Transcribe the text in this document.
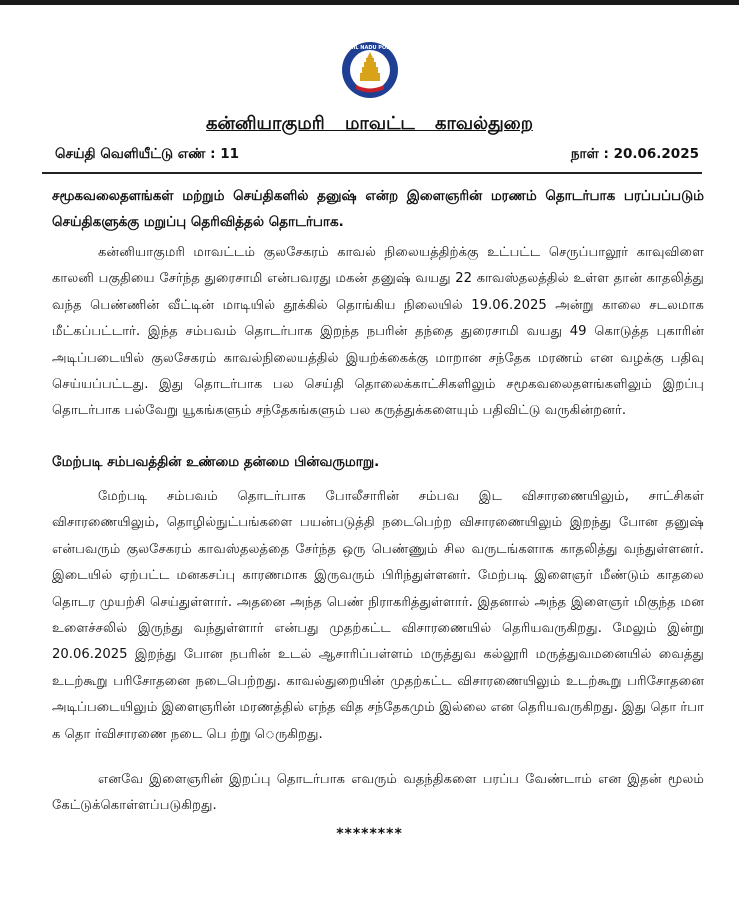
TAMIL NADU POLICE
கன்னியாகுமரி மாவட்ட காவல்துறை
செய்தி வெளியீட்டு எண் : 11	நாள் : 20.06.2025
சமூகவலைதளங்கள் மற்றும் செய்திகளில் தனுஷ் என்ற இளைஞரின் மரணம் தொடர்பாக பரப்பப்படும் செய்திகளுக்கு மறுப்பு தெரிவித்தல் தொடர்பாக.
கன்னியாகுமரி மாவட்டம் குலசேகரம் காவல் நிலையத்திற்க்கு உட்பட்ட செருப்பாலூர் காவுவிளை காலனி பகுதியை சேர்ந்த துரைசாமி என்பவரது மகன் தனுஷ் வயது 22 காவஸ்தலத்தில் உள்ள தான் காதலித்து வந்த பெண்ணின் வீட்டின் மாடியில் தூக்கில் தொங்கிய நிலையில் 19.06.2025 அன்று காலை சடலமாக மீட்கப்பட்டார். இந்த சம்பவம் தொடர்பாக இறந்த நபரின் தந்தை துரைசாமி வயது 49 கொடுத்த புகாரின் அடிப்படையில் குலசேகரம் காவல்நிலையத்தில் இயற்க்கைக்கு மாறான சந்தேக மரணம் என வழக்கு பதிவு செய்யப்பட்டது. இது தொடர்பாக பல செய்தி தொலைக்காட்சிகளிலும் சமூகவலைதளங்களிலும் இறப்பு தொடர்பாக பல்வேறு யூகங்களும் சந்தேகங்களும் பல கருத்துக்களையும் பதிவிட்டு வருகின்றனர்.
மேற்படி சம்பவத்தின் உண்மை தன்மை பின்வருமாறு.
மேற்படி சம்பவம் தொடர்பாக போலீசாரின் சம்பவ இட விசாரணையிலும், சாட்சிகள் விசாரணையிலும், தொழில்நுட்பங்களை பயன்படுத்தி நடைபெற்ற விசாரணையிலும் இறந்து போன தனுஷ் என்பவரும் குலசேகரம் காவஸ்தலத்தை சேர்ந்த ஒரு பெண்ணும் சில வருடங்களாக காதலித்து வந்துள்ளனர். இடையில் ஏற்பட்ட மனகசப்பு காரணமாக இருவரும் பிரிந்துள்ளனர். மேற்படி இளைஞர் மீண்டும் காதலை தொடர முயற்சி செய்துள்ளார். அதனை அந்த பெண் நிராகரித்துள்ளார். இதனால் அந்த இளைஞர் மிகுந்த மன உளைச்சலில் இருந்து வந்துள்ளார் என்பது முதற்கட்ட விசாரணையில் தெரியவருகிறது. மேலும் இன்று 20.06.2025 இறந்து போன நபரின் உடல் ஆசாரிப்பள்ளம் மருத்துவ கல்லூரி மருத்துவமனையில் வைத்து உடற்கூறு பரிசோதனை நடைபெற்றது. காவல்துறையின் முதற்கட்ட விசாரணையிலும் உடற்கூறு பரிசோதனை அடிப்படையிலும் இளைஞரின் மரணத்தில் எந்த வித சந்தேகமும் இல்லை என தெரியவருகிறது. இது தொ ர்பா க தொ ர்விசாரணை நடை பெ ற்று ெருகிறது.
எனவே இளைஞரின் இறப்பு தொடர்பாக எவரும் வதந்திகளை பரப்ப வேண்டாம் என இதன் மூலம் கேட்டுக்கொள்ளப்படுகிறது.
********
